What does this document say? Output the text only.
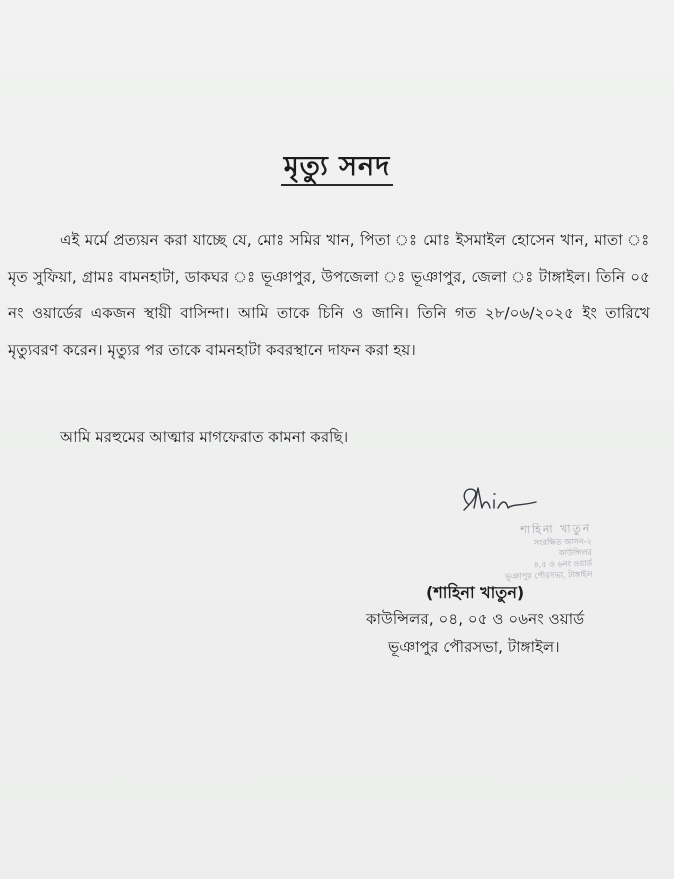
মৃত্যু সনদ

এই মর্মে প্রত্যয়ন করা যাচ্ছে যে, মোঃ সমির খান, পিতা ঃ মোঃ ইসমাইল হোসেন খান, মাতা ঃ মৃত সুফিয়া, গ্রামঃ বামনহাটা, ডাকঘর ঃ ভূঞাপুর, উপজেলা ঃ ভূঞাপুর, জেলা ঃ টাঙ্গাইল। তিনি ০৫ নং ওয়ার্ডের একজন স্থায়ী বাসিন্দা। আমি তাকে চিনি ও জানি। তিনি গত ২৮/০৬/২০২৫ ইং তারিখে মৃত্যুবরণ করেন। মৃত্যুর পর তাকে বামনহাটা কবরস্থানে দাফন করা হয়।

আমি মরহুমের আত্মার মাগফেরাত কামনা করছি।

শাহিনা খাতুন
সংরক্ষিত আসন-২
কাউন্সিলর
৪,৫ ও ৬নং ওয়ার্ড
ভূঞাপুর পৌরসভা, টাঙ্গাইল
(শাহিনা খাতুন)
কাউন্সিলর, ০৪, ০৫ ও ০৬নং ওয়ার্ড
ভূঞাপুর পৌরসভা, টাঙ্গাইল।
